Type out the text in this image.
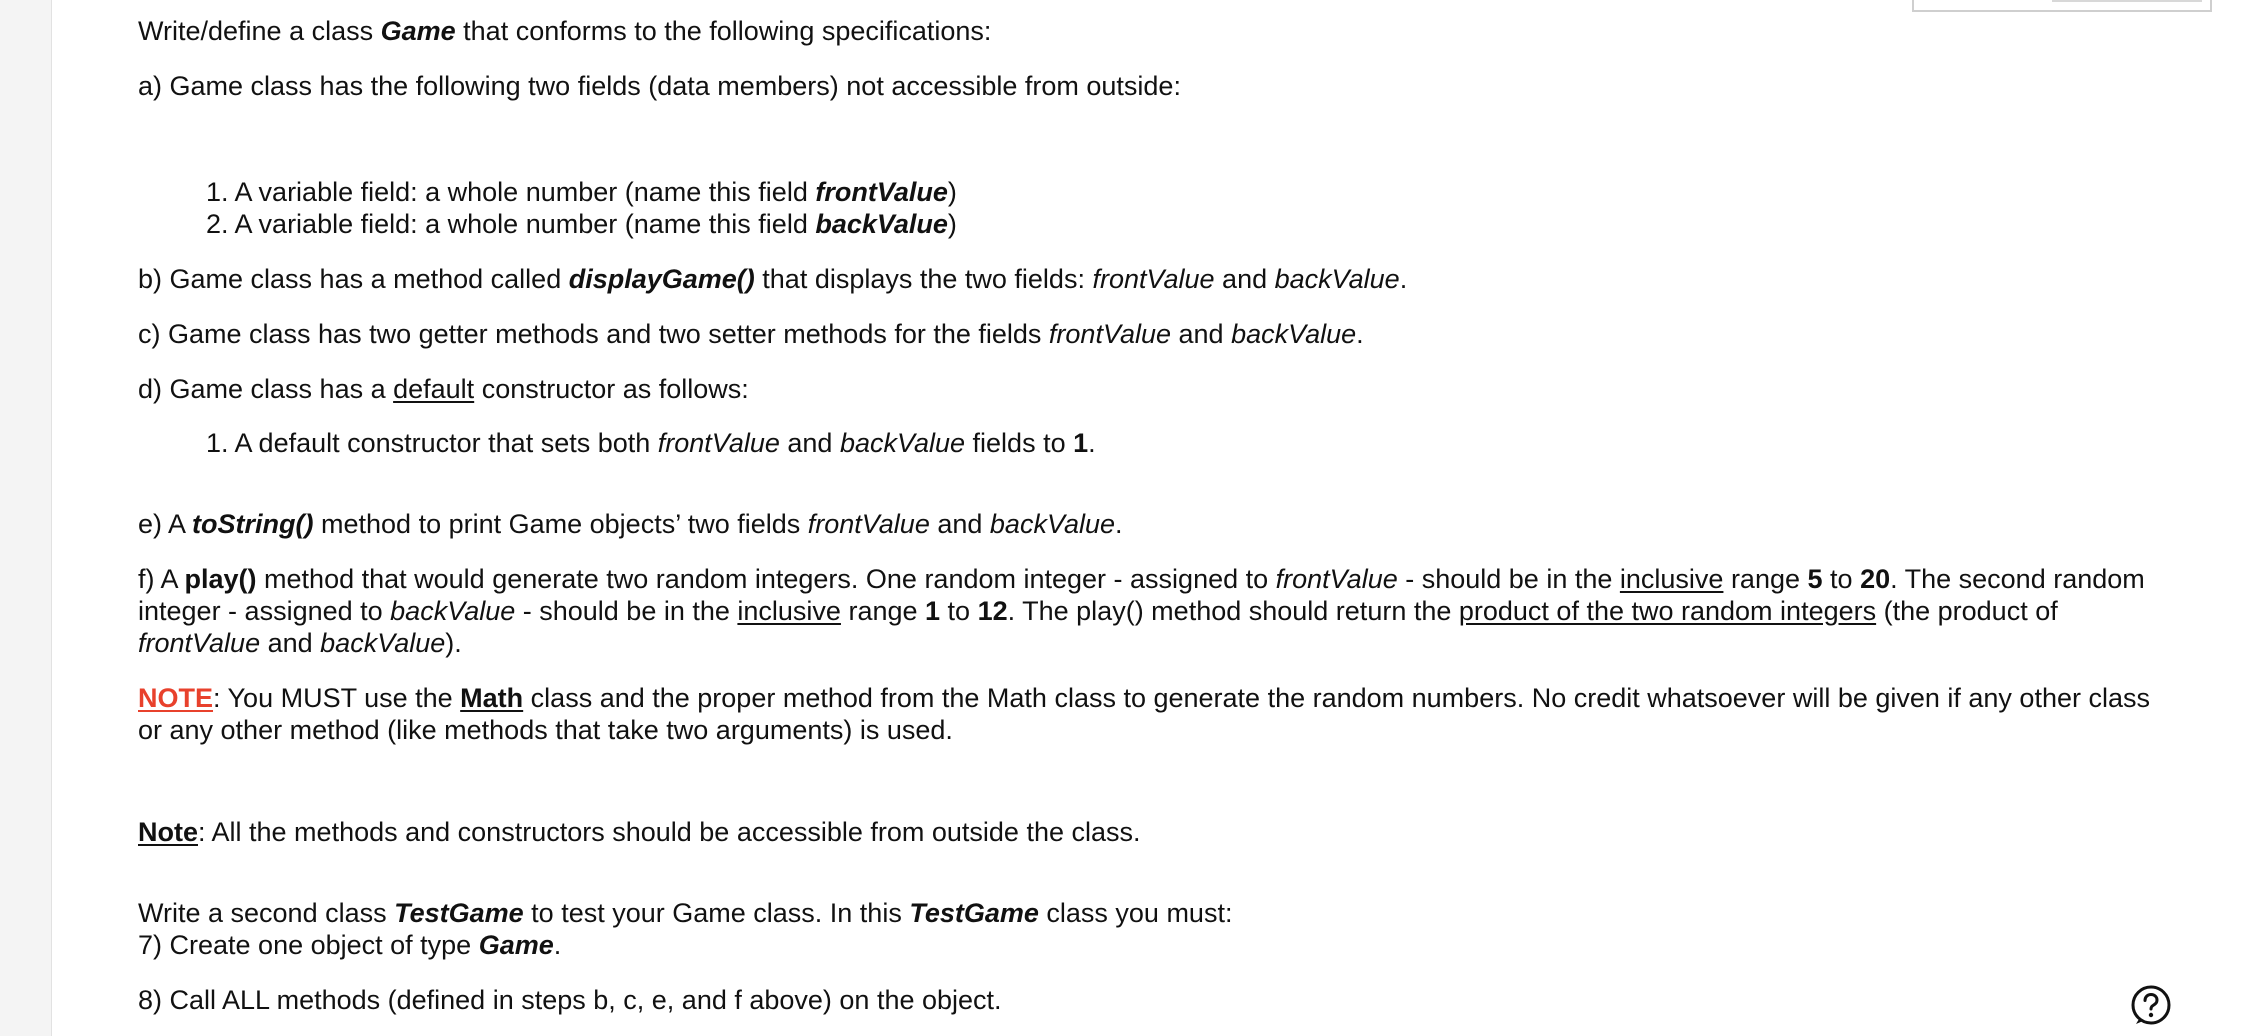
Write/define a class Game that conforms to the following specifications:

a) Game class has the following two fields (data members) not accessible from outside:

1. A variable field: a whole number (name this field frontValue)

2. A variable field: a whole number (name this field backValue)

b) Game class has a method called displayGame() that displays the two fields: frontValue and backValue.

c) Game class has two getter methods and two setter methods for the fields frontValue and backValue.

d) Game class has a default constructor as follows:

1. A default constructor that sets both frontValue and backValue fields to 1.

e) A toString() method to print Game objects’ two fields frontValue and backValue.

f) A play() method that would generate two random integers. One random integer - assigned to frontValue - should be in the inclusive range 5 to 20. The second random integer - assigned to backValue - should be in the inclusive range 1 to 12. The play() method should return the product of the two random integers (the product of frontValue and backValue).

NOTE: You MUST use the Math class and the proper method from the Math class to generate the random numbers. No credit whatsoever will be given if any other class or any other method (like methods that take two arguments) is used.

Note: All the methods and constructors should be accessible from outside the class.

Write a second class TestGame to test your Game class. In this TestGame class you must:

7) Create one object of type Game.

8) Call ALL methods (defined in steps b, c, e, and f above) on the object.
